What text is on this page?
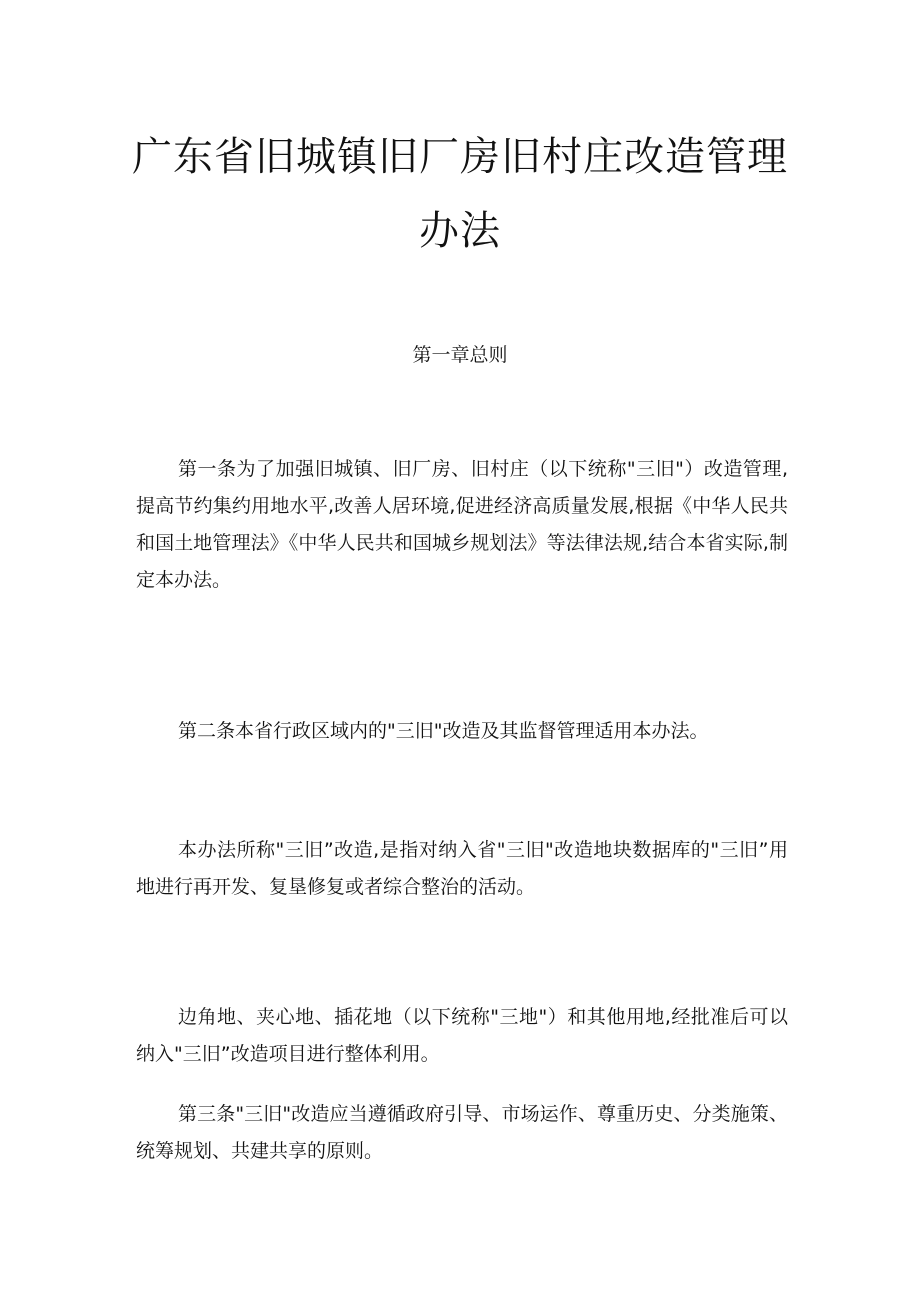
广东省旧城镇旧厂房旧村庄改造管理办法
第一章总则

第一条为了加强旧城镇、旧厂房、旧村庄（以下统称"三旧"）改造管理,提高节约集约用地水平,改善人居环境,促进经济高质量发展,根据《中华人民共和国土地管理法》《中华人民共和国城乡规划法》等法律法规,结合本省实际,制定本办法。

第二条本省行政区域内的"三旧"改造及其监督管理适用本办法。

本办法所称"三旧”改造,是指对纳入省"三旧"改造地块数据库的"三旧”用地进行再开发、复垦修复或者综合整治的活动。

边角地、夹心地、插花地（以下统称"三地"）和其他用地,经批准后可以纳入"三旧”改造项目进行整体利用。

第三条"三旧"改造应当遵循政府引导、市场运作、尊重历史、分类施策、统筹规划、共建共享的原则。
